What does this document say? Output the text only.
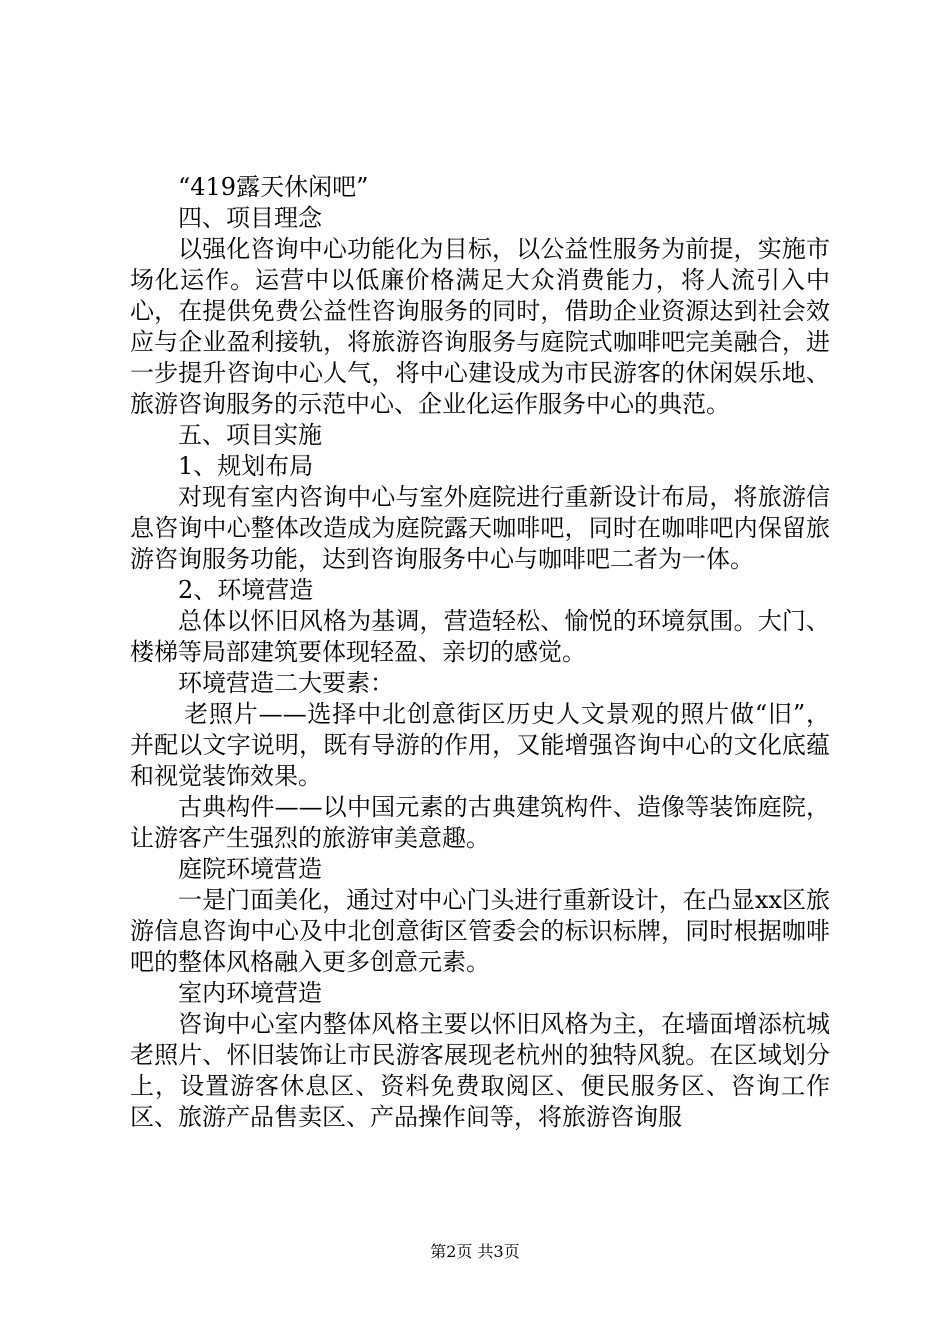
“419露天休闲吧”

四、项目理念

以强化咨询中心功能化为目标，以公益性服务为前提，实施市场化运作。运营中以低廉价格满足大众消费能力，将人流引入中心，在提供免费公益性咨询服务的同时，借助企业资源达到社会效应与企业盈利接轨，将旅游咨询服务与庭院式咖啡吧完美融合，进一步提升咨询中心人气，将中心建设成为市民游客的休闲娱乐地、旅游咨询服务的示范中心、企业化运作服务中心的典范。

五、项目实施

1、规划布局

对现有室内咨询中心与室外庭院进行重新设计布局，将旅游信息咨询中心整体改造成为庭院露天咖啡吧，同时在咖啡吧内保留旅游咨询服务功能，达到咨询服务中心与咖啡吧二者为一体。

2、环境营造

总体以怀旧风格为基调，营造轻松、愉悦的环境氛围。大门、楼梯等局部建筑要体现轻盈、亲切的感觉。

环境营造二大要素：

老照片——选择中北创意街区历史人文景观的照片做“旧”，并配以文字说明，既有导游的作用，又能增强咨询中心的文化底蕴和视觉装饰效果。

古典构件——以中国元素的古典建筑构件、造像等装饰庭院，让游客产生强烈的旅游审美意趣。

庭院环境营造

一是门面美化，通过对中心门头进行重新设计，在凸显xx区旅游信息咨询中心及中北创意街区管委会的标识标牌，同时根据咖啡吧的整体风格融入更多创意元素。

室内环境营造

咨询中心室内整体风格主要以怀旧风格为主，在墙面增添杭城老照片、怀旧装饰让市民游客展现老杭州的独特风貌。在区域划分上，设置游客休息区、资料免费取阅区、便民服务区、咨询工作区、旅游产品售卖区、产品操作间等，将旅游咨询服

第2页 共3页
